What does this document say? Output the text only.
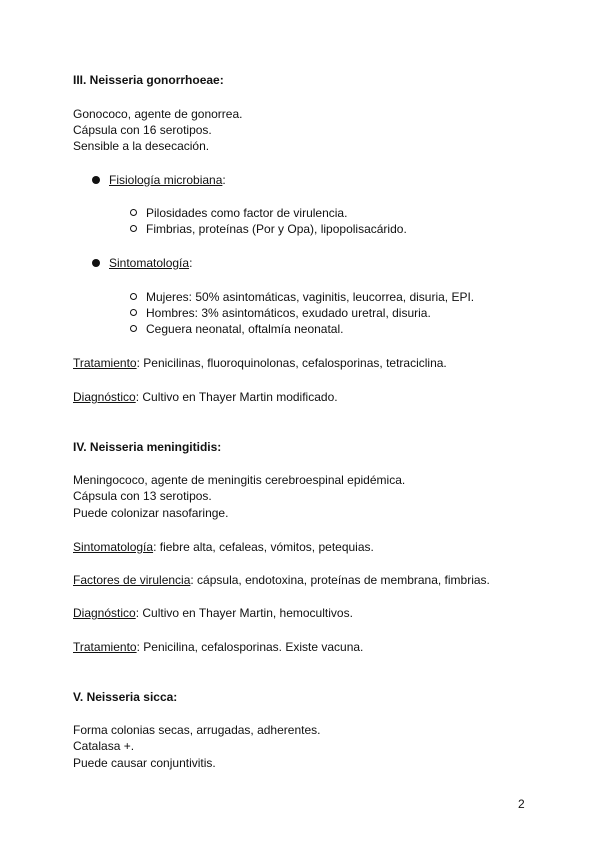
III. Neisseria gonorrhoeae:
Gonococo, agente de gonorrea.
Cápsula con 16 serotipos.
Sensible a la desecación.
Fisiología microbiana:
Pilosidades como factor de virulencia.
Fimbrias, proteínas (Por y Opa), lipopolisacárido.
Sintomatología:
Mujeres: 50% asintomáticas, vaginitis, leucorrea, disuria, EPI.
Hombres: 3% asintomáticos, exudado uretral, disuria.
Ceguera neonatal, oftalmía neonatal.
Tratamiento: Penicilinas, fluoroquinolonas, cefalosporinas, tetraciclina.
Diagnóstico: Cultivo en Thayer Martin modificado.
IV. Neisseria meningitidis:
Meningococo, agente de meningitis cerebroespinal epidémica.
Cápsula con 13 serotipos.
Puede colonizar nasofaringe.
Sintomatología: fiebre alta, cefaleas, vómitos, petequias.
Factores de virulencia: cápsula, endotoxina, proteínas de membrana, fimbrias.
Diagnóstico: Cultivo en Thayer Martin, hemocultivos.
Tratamiento: Penicilina, cefalosporinas. Existe vacuna.
V. Neisseria sicca:
Forma colonias secas, arrugadas, adherentes.
Catalasa +.
Puede causar conjuntivitis.
2
